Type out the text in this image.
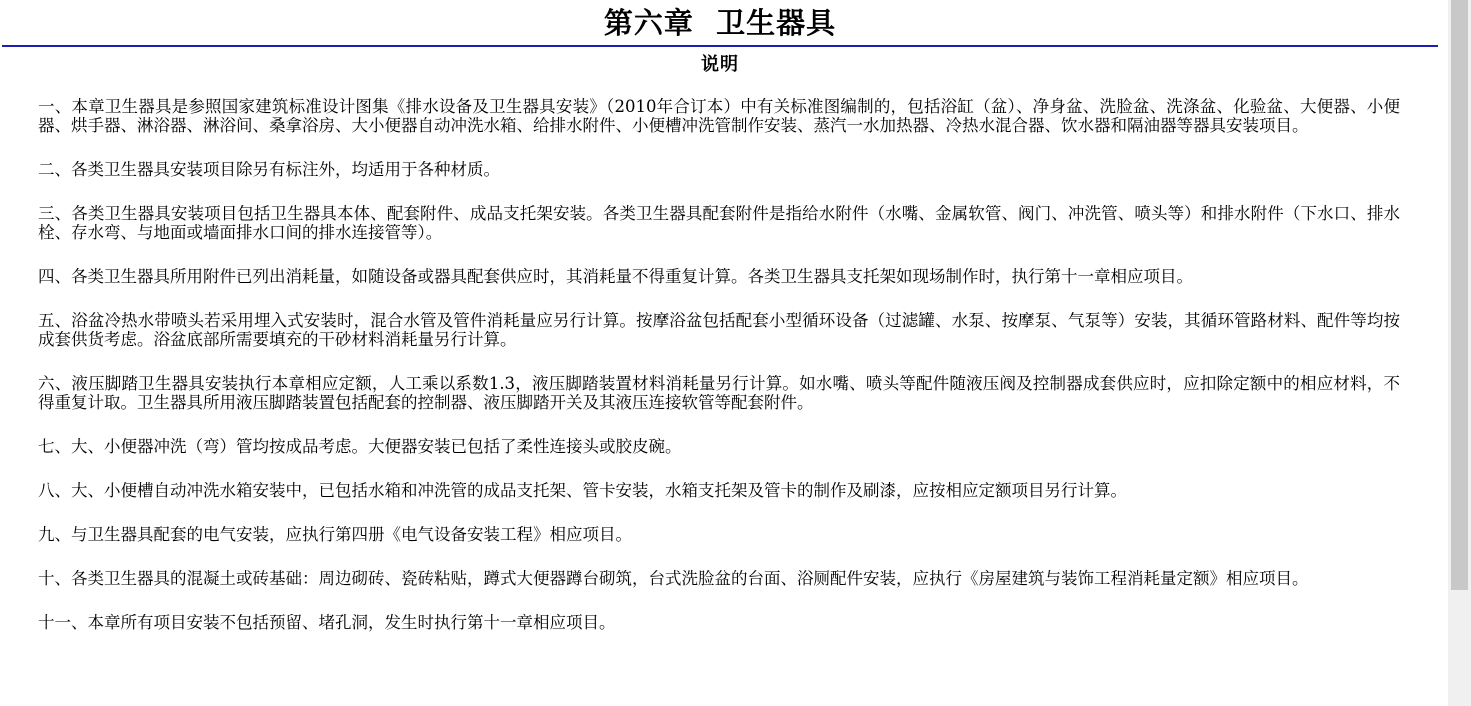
第六章  卫生器具
说明

一、本章卫生器具是参照国家建筑标准设计图集《排水设备及卫生器具安装》（2010年合订本）中有关标准图编制的，包括浴缸（盆）、净身盆、洗脸盆、洗涤盆、化验盆、大便器、小便器、烘手器、淋浴器、淋浴间、桑拿浴房、大小便器自动冲洗水箱、给排水附件、小便槽冲洗管制作安装、蒸汽一水加热器、冷热水混合器、饮水器和隔油器等器具安装项目。

二、各类卫生器具安装项目除另有标注外，均适用于各种材质。

三、各类卫生器具安装项目包括卫生器具本体、配套附件、成品支托架安装。各类卫生器具配套附件是指给水附件（水嘴、金属软管、阀门、冲洗管、喷头等）和排水附件（下水口、排水栓、存水弯、与地面或墙面排水口间的排水连接管等）。

四、各类卫生器具所用附件已列出消耗量，如随设备或器具配套供应时，其消耗量不得重复计算。各类卫生器具支托架如现场制作时，执行第十一章相应项目。

五、浴盆冷热水带喷头若采用埋入式安装时，混合水管及管件消耗量应另行计算。按摩浴盆包括配套小型循环设备（过滤罐、水泵、按摩泵、气泵等）安装，其循环管路材料、配件等均按成套供货考虑。浴盆底部所需要填充的干砂材料消耗量另行计算。

六、液压脚踏卫生器具安装执行本章相应定额，人工乘以系数1.3，液压脚踏装置材料消耗量另行计算。如水嘴、喷头等配件随液压阀及控制器成套供应时，应扣除定额中的相应材料，不得重复计取。卫生器具所用液压脚踏装置包括配套的控制器、液压脚踏开关及其液压连接软管等配套附件。

七、大、小便器冲洗（弯）管均按成品考虑。大便器安装已包括了柔性连接头或胶皮碗。

八、大、小便槽自动冲洗水箱安装中，已包括水箱和冲洗管的成品支托架、管卡安装，水箱支托架及管卡的制作及刷漆，应按相应定额项目另行计算。

九、与卫生器具配套的电气安装，应执行第四册《电气设备安装工程》相应项目。

十、各类卫生器具的混凝土或砖基础：周边砌砖、瓷砖粘贴，蹲式大便器蹲台砌筑，台式洗脸盆的台面、浴厕配件安装，应执行《房屋建筑与装饰工程消耗量定额》相应项目。

十一、本章所有项目安装不包括预留、堵孔洞，发生时执行第十一章相应项目。
